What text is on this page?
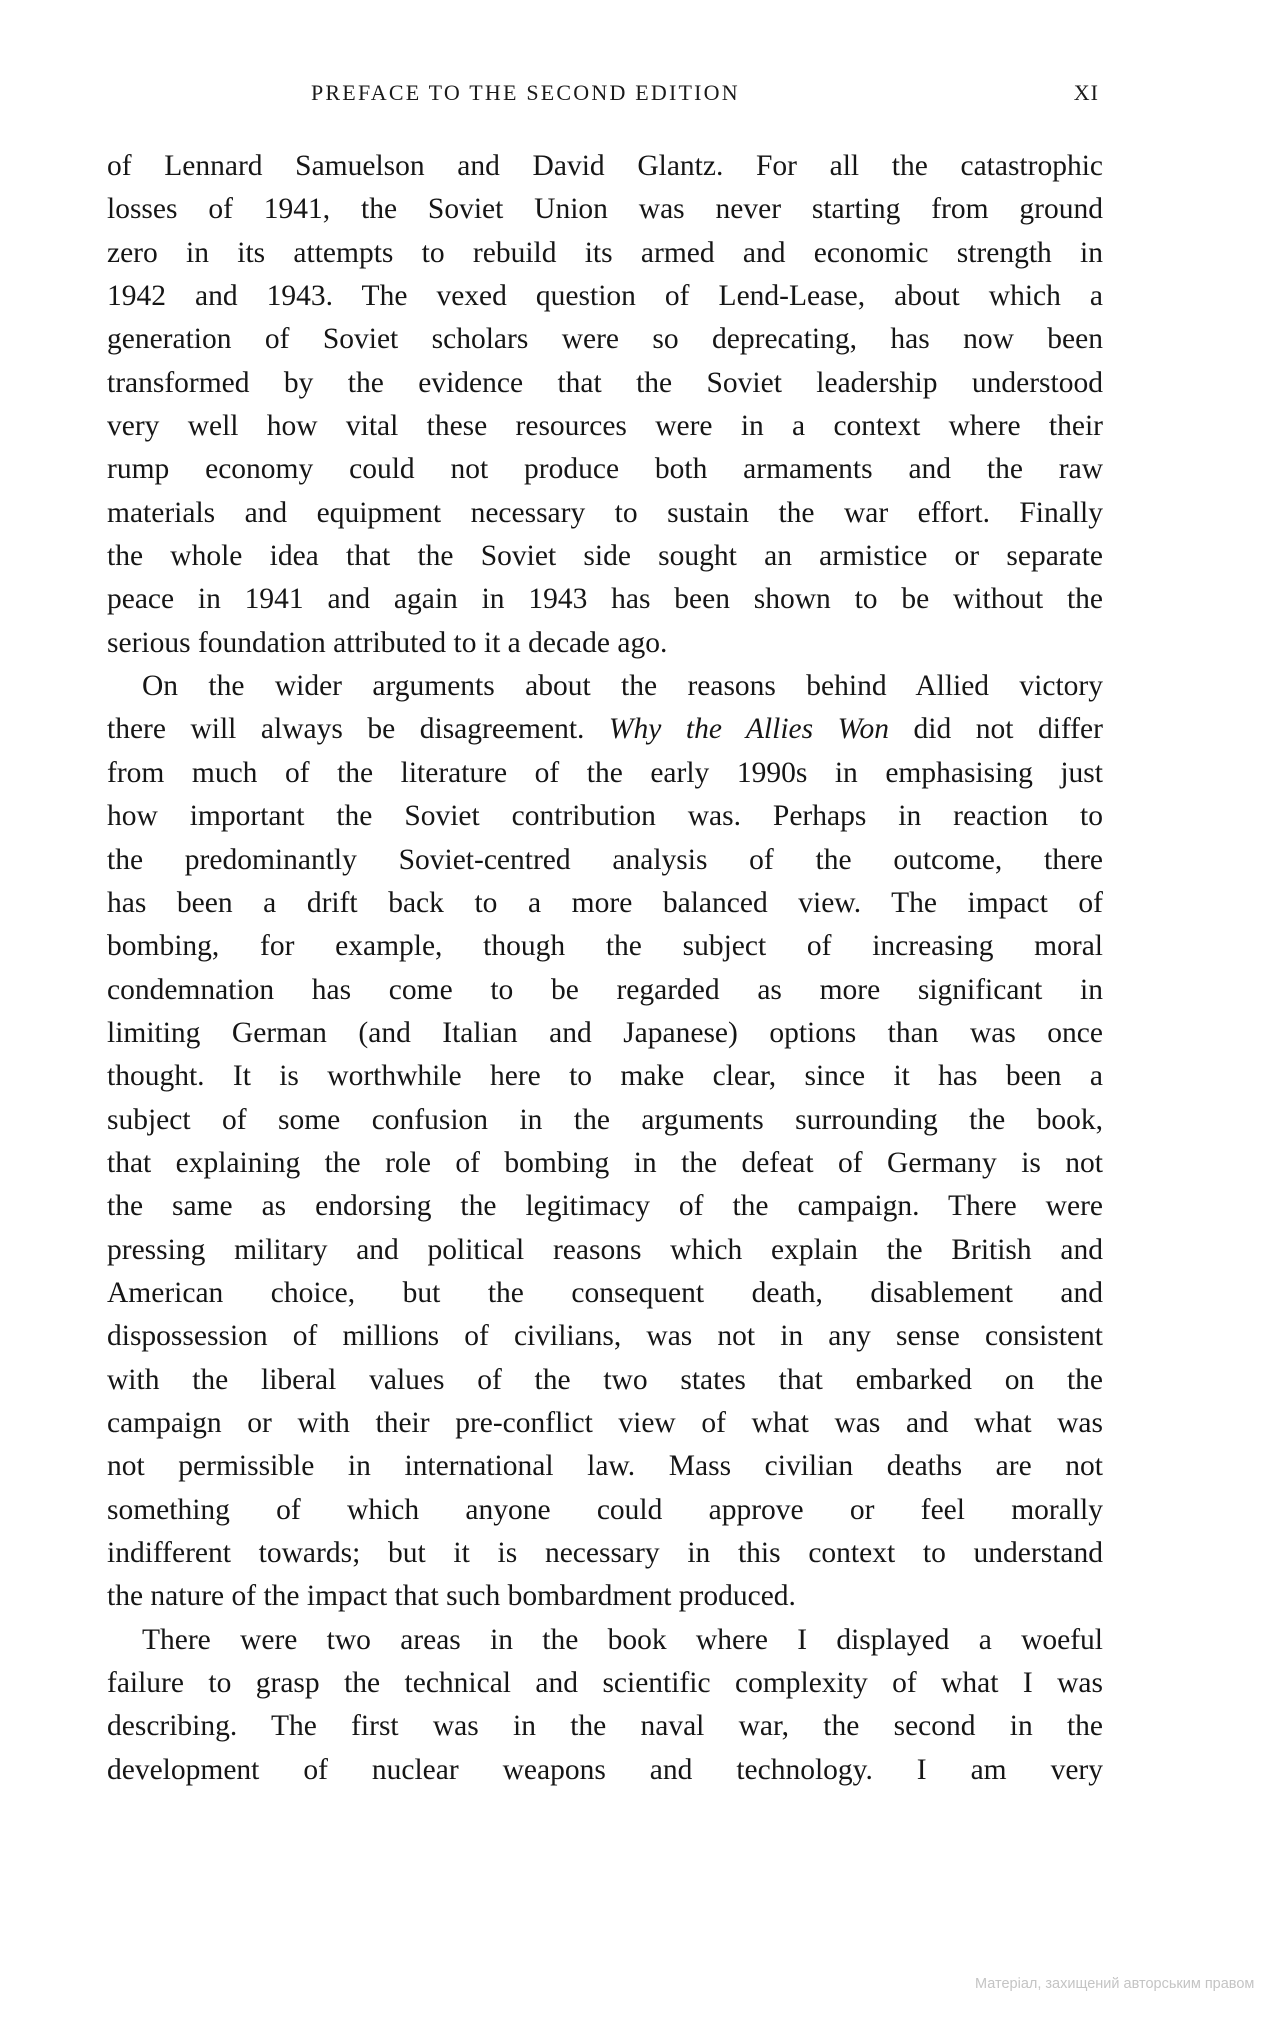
PREFACE TO THE SECOND EDITION	XI
of Lennard Samuelson and David Glantz. For all the catastrophic
losses of 1941, the Soviet Union was never starting from ground
zero in its attempts to rebuild its armed and economic strength in
1942 and 1943. The vexed question of Lend-Lease, about which a
generation of Soviet scholars were so deprecating, has now been
transformed by the evidence that the Soviet leadership understood
very well how vital these resources were in a context where their
rump economy could not produce both armaments and the raw
materials and equipment necessary to sustain the war effort. Finally
the whole idea that the Soviet side sought an armistice or separate
peace in 1941 and again in 1943 has been shown to be without the
serious foundation attributed to it a decade ago.
On the wider arguments about the reasons behind Allied victory
there will always be disagreement. Why the Allies Won did not differ
from much of the literature of the early 1990s in emphasising just
how important the Soviet contribution was. Perhaps in reaction to
the predominantly Soviet-centred analysis of the outcome, there
has been a drift back to a more balanced view. The impact of
bombing, for example, though the subject of increasing moral
condemnation has come to be regarded as more significant in
limiting German (and Italian and Japanese) options than was once
thought. It is worthwhile here to make clear, since it has been a
subject of some confusion in the arguments surrounding the book,
that explaining the role of bombing in the defeat of Germany is not
the same as endorsing the legitimacy of the campaign. There were
pressing military and political reasons which explain the British and
American choice, but the consequent death, disablement and
dispossession of millions of civilians, was not in any sense consistent
with the liberal values of the two states that embarked on the
campaign or with their pre-conflict view of what was and what was
not permissible in international law. Mass civilian deaths are not
something of which anyone could approve or feel morally
indifferent towards; but it is necessary in this context to understand
the nature of the impact that such bombardment produced.
There were two areas in the book where I displayed a woeful
failure to grasp the technical and scientific complexity of what I was
describing. The first was in the naval war, the second in the
development of nuclear weapons and technology. I am very
Матеріал, захищений авторським правом
